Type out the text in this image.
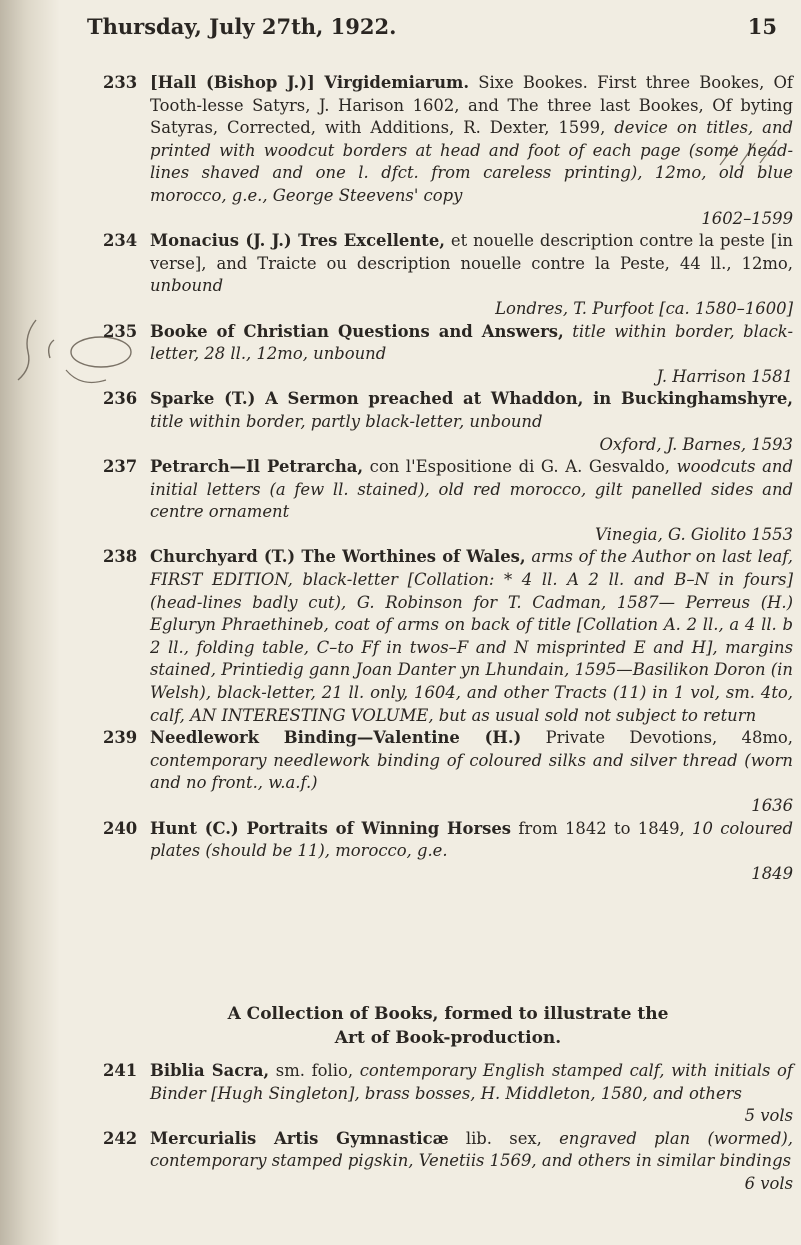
Thursday, July 27th, 1922.	15

233 [Hall (Bishop J.)] Virgidemiarum. Sixe Bookes. First three Bookes, Of Tooth-lesse Satyrs, J. Harison 1602, and The three last Bookes, Of byting Satyras, Corrected, with Additions, R. Dexter, 1599, device on titles, and printed with woodcut borders at head and foot of each page (some head-lines shaved and one l. dfct. from careless printing), 12mo, old blue morocco, g.e., George Steevens' copy
1602–1599

234 Monacius (J. J.) Tres Excellente, et nouelle description contre la peste [in verse], and Traicte ou description nouelle contre la Peste, 44 ll., 12mo, unbound
Londres, T. Purfoot [ca. 1580–1600]

235 Booke of Christian Questions and Answers, title within border, black-letter, 28 ll., 12mo, unbound
J. Harrison 1581

236 Sparke (T.) A Sermon preached at Whaddon, in Buckinghamshyre, title within border, partly black-letter, unbound
Oxford, J. Barnes, 1593

237 Petrarch—Il Petrarcha, con l'Espositione di G. A. Gesvaldo, woodcuts and initial letters (a few ll. stained), old red morocco, gilt panelled sides and centre ornament
Vinegia, G. Giolito 1553

238 Churchyard (T.) The Worthines of Wales, arms of the Author on last leaf, FIRST EDITION, black-letter [Collation: * 4 ll. A 2 ll. and B–N in fours] (head-lines badly cut), G. Robinson for T. Cadman, 1587— Perreus (H.) Egluryn Phraethineb, coat of arms on back of title [Collation A. 2 ll., a 4 ll. b 2 ll., folding table, C–to Ff in twos–F and N misprinted E and H], margins stained, Printiedig gann Joan Danter yn Lhundain, 1595—Basilikon Doron (in Welsh), black-letter, 21 ll. only, 1604, and other Tracts (11) in 1 vol, sm. 4to, calf, AN INTERESTING VOLUME, but as usual sold not subject to return

239 Needlework Binding—Valentine (H.) Private Devotions, 48mo, contemporary needlework binding of coloured silks and silver thread (worn and no front., w.a.f.)
1636

240 Hunt (C.) Portraits of Winning Horses from 1842 to 1849, 10 coloured plates (should be 11), morocco, g.e.
1849

A Collection of Books, formed to illustrate the
Art of Book-production.

241 Biblia Sacra, sm. folio, contemporary English stamped calf, with initials of Binder [Hugh Singleton], brass bosses, H. Middleton, 1580, and others
5 vols

242 Mercurialis Artis Gymnasticæ lib. sex, engraved plan (wormed), contemporary stamped pigskin, Venetiis 1569, and others in similar bindings
6 vols
